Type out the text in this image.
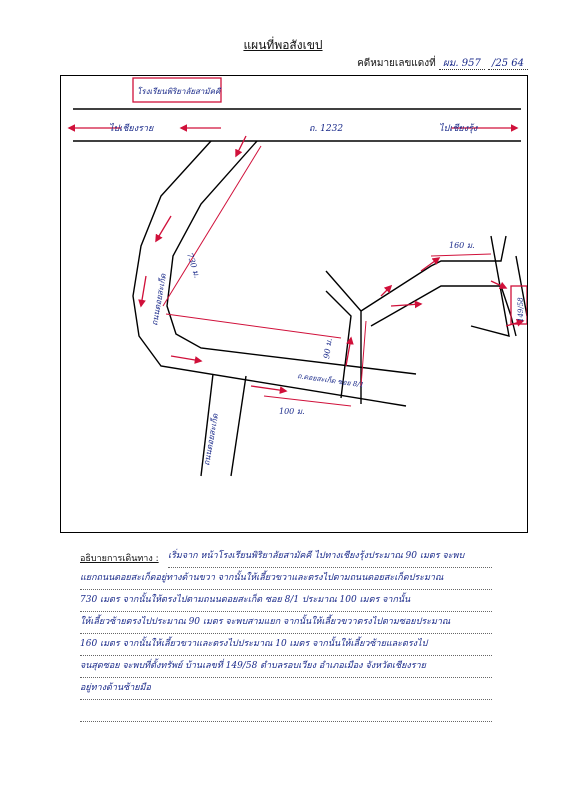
แผนที่พอสังเขป
คดีหมายเลขแดงที่ ผม. 957 /25 64
โรงเรียนพิริยาลัยสามัคคี
ไปเชียงราย	ไปเชียงรุ้ง
ถ. 1232
ถนนดอยสะเก็ด
ถนนดอยสะเก็ด
730 ม.
ถ.ดอยสะเก็ด ซอย 8/1
100 ม.
90 ม.
160 ม.
149/58
อธิบายการเดินทาง : เริ่มจาก หน้าโรงเรียนพิริยาลัยสามัคคี ไปทางเชียงรุ้งประมาณ 90 เมตร จะพบ
แยกถนนดอยสะเก็ดอยู่ทางด้านขวา จากนั้นให้เลี้ยวขวาและตรงไปตามถนนดอยสะเก็ดประมาณ
730 เมตร จากนั้นให้ตรงไปตามถนนดอยสะเก็ด ซอย 8/1 ประมาณ 100 เมตร จากนั้น
ให้เลี้ยวซ้ายตรงไปประมาณ 90 เมตร จะพบสามแยก จากนั้นให้เลี้ยวขวาตรงไปตามซอยประมาณ
160 เมตร จากนั้นให้เลี้ยวขวาและตรงไปประมาณ 10 เมตร จากนั้นให้เลี้ยวซ้ายและตรงไป
จนสุดซอย จะพบที่ตั้งทรัพย์ บ้านเลขที่ 149/58 ตำบลรอบเวียง อำเภอเมือง จังหวัดเชียงราย
อยู่ทางด้านซ้ายมือ
